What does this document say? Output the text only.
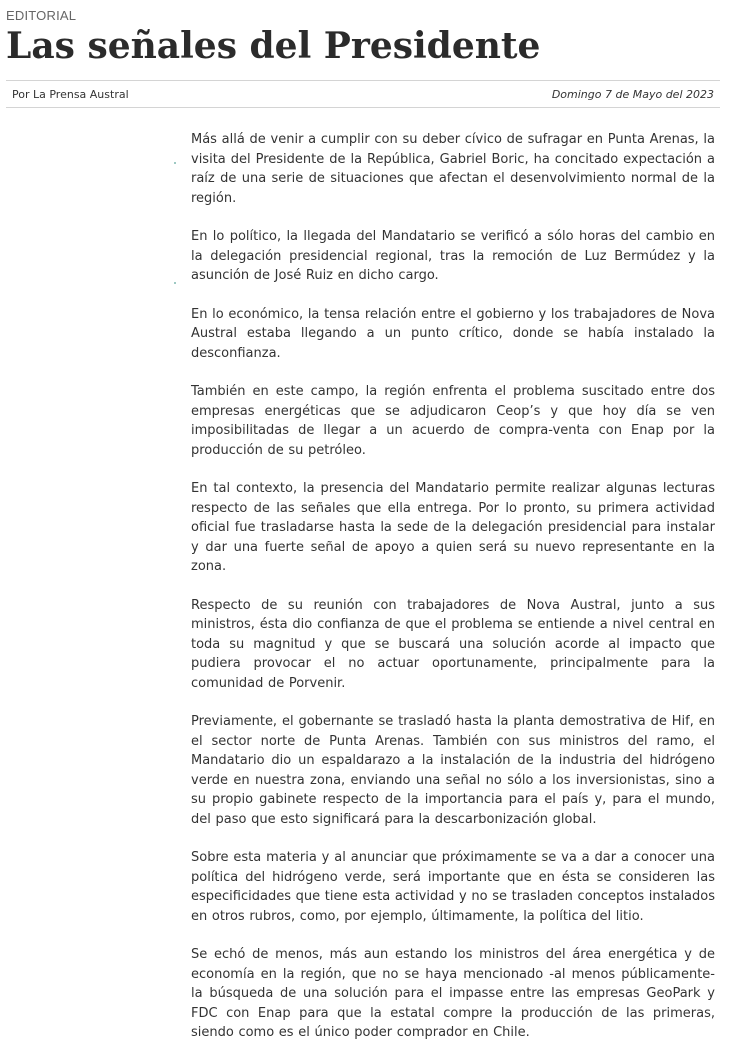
EDITORIAL
Las señales del Presidente
Por La Prensa Austral	Domingo 7 de Mayo del 2023

Más allá de venir a cumplir con su deber cívico de sufragar en Punta Arenas, la visita del Presidente de la República, Gabriel Boric, ha concitado expectación a raíz de una serie de situaciones que afectan el desenvolvimiento normal de la región.

En lo político, la llegada del Mandatario se verificó a sólo horas del cambio en la delegación presidencial regional, tras la remoción de Luz Bermúdez y la asunción de José Ruiz en dicho cargo.

En lo económico, la tensa relación entre el gobierno y los trabajadores de Nova Austral estaba llegando a un punto crítico, donde se había instalado la desconfianza.

También en este campo, la región enfrenta el problema suscitado entre dos empresas energéticas que se adjudicaron Ceop’s y que hoy día se ven imposibilitadas de llegar a un acuerdo de compra-venta con Enap por la producción de su petróleo.

En tal contexto, la presencia del Mandatario permite realizar algunas lecturas respecto de las señales que ella entrega. Por lo pronto, su primera actividad oficial fue trasladarse hasta la sede de la delegación presidencial para instalar y dar una fuerte señal de apoyo a quien será su nuevo representante en la zona.

Respecto de su reunión con trabajadores de Nova Austral, junto a sus ministros, ésta dio confianza de que el problema se entiende a nivel central en toda su magnitud y que se buscará una solución acorde al impacto que pudiera provocar el no actuar oportunamente, principalmente para la comunidad de Porvenir.

Previamente, el gobernante se trasladó hasta la planta demostrativa de Hif, en el sector norte de Punta Arenas. También con sus ministros del ramo, el Mandatario dio un espaldarazo a la instalación de la industria del hidrógeno verde en nuestra zona, enviando una señal no sólo a los inversionistas, sino a su propio gabinete respecto de la importancia para el país y, para el mundo, del paso que esto significará para la descarbonización global.

Sobre esta materia y al anunciar que próximamente se va a dar a conocer una política del hidrógeno verde, será importante que en ésta se consideren las especificidades que tiene esta actividad y no se trasladen conceptos instalados en otros rubros, como, por ejemplo, últimamente, la política del litio.

Se echó de menos, más aun estando los ministros del área energética y de economía en la región, que no se haya mencionado -al menos públicamente- la búsqueda de una solución para el impasse entre las empresas GeoPark y FDC con Enap para que la estatal compre la producción de las primeras, siendo como es el único poder comprador en Chile.
